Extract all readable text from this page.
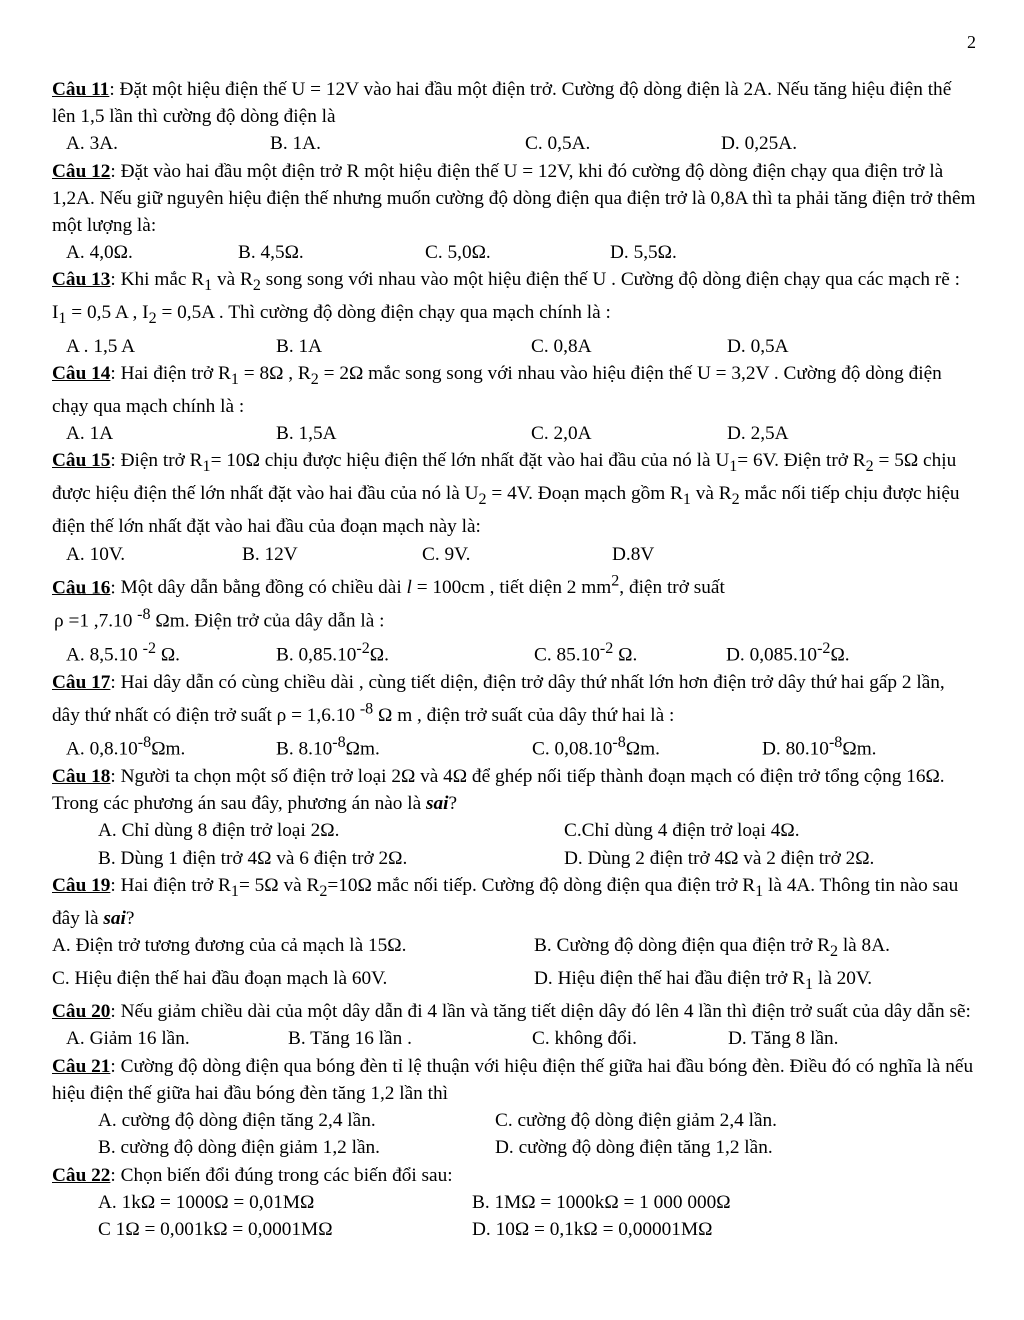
2
Câu 11: Đặt một hiệu điện thế U = 12V vào hai đầu một điện trở. Cường độ dòng điện là 2A. Nếu tăng hiệu điện thế lên 1,5 lần thì cường độ dòng điện là
A. 3A.	B. 1A.	C. 0,5A.	D. 0,25A.
Câu 12: Đặt vào hai đầu một điện trở R một hiệu điện thế U = 12V, khi đó cường độ dòng điện chạy qua điện trở là 1,2A. Nếu giữ nguyên hiệu điện thế nhưng muốn cường độ dòng điện qua điện trở là 0,8A thì ta phải tăng điện trở thêm một lượng là:
A. 4,0Ω.	B. 4,5Ω.	C. 5,0Ω.	D. 5,5Ω.
Câu 13: Khi mắc $R_1$ và $R_2$ song song với nhau vào một hiệu điện thế U . Cường độ dòng điện chạy qua các mạch rẽ : $I_1 = 0,5$ A , $I_2 = 0,5A$ . Thì cường độ dòng điện chạy qua mạch chính là :
A . 1,5 A	B. 1A	C. 0,8A	D. 0,5A
Câu 14: Hai điện trở $R_1 = 8\Omega$ , $R_2 = 2\Omega$ mắc song song với nhau vào hiệu điện thế U = 3,2V . Cường độ dòng điện chạy qua mạch chính là :
A. 1A	B. 1,5A	C. 2,0A	D. 2,5A
Câu 15: Điện trở $R_1= 10\Omega$ chịu được hiệu điện thế lớn nhất đặt vào hai đầu của nó là $U_1= 6V$. Điện trở $R_2 = 5\Omega$ chịu được hiệu điện thế lớn nhất đặt vào hai đầu của nó là $U_2 = 4V$. Đoạn mạch gồm $R_1$ và $R_2$ mắc nối tiếp chịu được hiệu điện thế lớn nhất đặt vào hai đầu của đoạn mạch này là:
A. 10V.	B. 12V	C. 9V.	D.8V
Câu 16: Một dây dẫn bằng đồng có chiều dài l = 100cm , tiết diện 2 $mm^2$, điện trở suất
ρ =1 ,7.10 $^{-8}$ Ωm. Điện trở của dây dẫn là :
A. 8,5.10 $^{-2}$ Ω.	B. $0,85.10^{-2}\Omega$.	C. $85.10^{-2}$ Ω.	D. $0,085.10^{-2}\Omega$.
Câu 17: Hai dây dẫn có cùng chiều dài , cùng tiết diện, điện trở dây thứ nhất lớn hơn điện trở dây thứ hai gấp 2 lần, dây thứ nhất có điện trở suất ρ = 1,6.10 $^{-8}$ Ω m , điện trở suất của dây thứ hai là :
A. $0,8.10^{-8}\Omega m$.	B. $8.10^{-8}\Omega m$.	C. $0,08.10^{-8}\Omega m$.	D. $80.10^{-8}\Omega m$.
Câu 18: Người ta chọn một số điện trở loại 2Ω và 4Ω để ghép nối tiếp thành đoạn mạch có điện trở tổng cộng 16Ω. Trong các phương án sau đây, phương án nào là sai?
A. Chỉ dùng 8 điện trở loại 2Ω.	C.Chỉ dùng 4 điện trở loại 4Ω.
B. Dùng 1 điện trở 4Ω và 6 điện trở 2Ω.	D. Dùng 2 điện trở 4Ω và 2 điện trở 2Ω.
Câu 19: Hai điện trở $R_1= 5\Omega$ và $R_2=10\Omega$ mắc nối tiếp. Cường độ dòng điện qua điện trở $R_1$ là 4A. Thông tin nào sau đây là sai?
A. Điện trở tương đương của cả mạch là 15Ω.	B. Cường độ dòng điện qua điện trở $R_2$ là 8A.
C. Hiệu điện thế hai đầu đoạn mạch là 60V.	D. Hiệu điện thế hai đầu điện trở $R_1$ là 20V.
Câu 20: Nếu giảm chiều dài của một dây dẫn đi 4 lần và tăng tiết diện dây đó lên 4 lần thì điện trở suất của dây dẫn sẽ:
A. Giảm 16 lần.	B. Tăng 16 lần .	C. không đổi.	D. Tăng 8 lần.
Câu 21: Cường độ dòng điện qua bóng đèn tỉ lệ thuận với hiệu điện thế giữa hai đầu bóng đèn. Điều đó có nghĩa là nếu hiệu điện thế giữa hai đầu bóng đèn tăng 1,2 lần thì
A. cường độ dòng điện tăng 2,4 lần.	C. cường độ dòng điện giảm 2,4 lần.
B. cường độ dòng điện giảm 1,2 lần.	D. cường độ dòng điện tăng 1,2 lần.
Câu 22: Chọn biến đổi đúng trong các biến đổi sau:
A. 1kΩ = 1000Ω = 0,01MΩ	B. 1MΩ = 1000kΩ = 1 000 000Ω
C 1Ω = 0,001kΩ = 0,0001MΩ	D. 10Ω = 0,1kΩ = 0,00001MΩ
